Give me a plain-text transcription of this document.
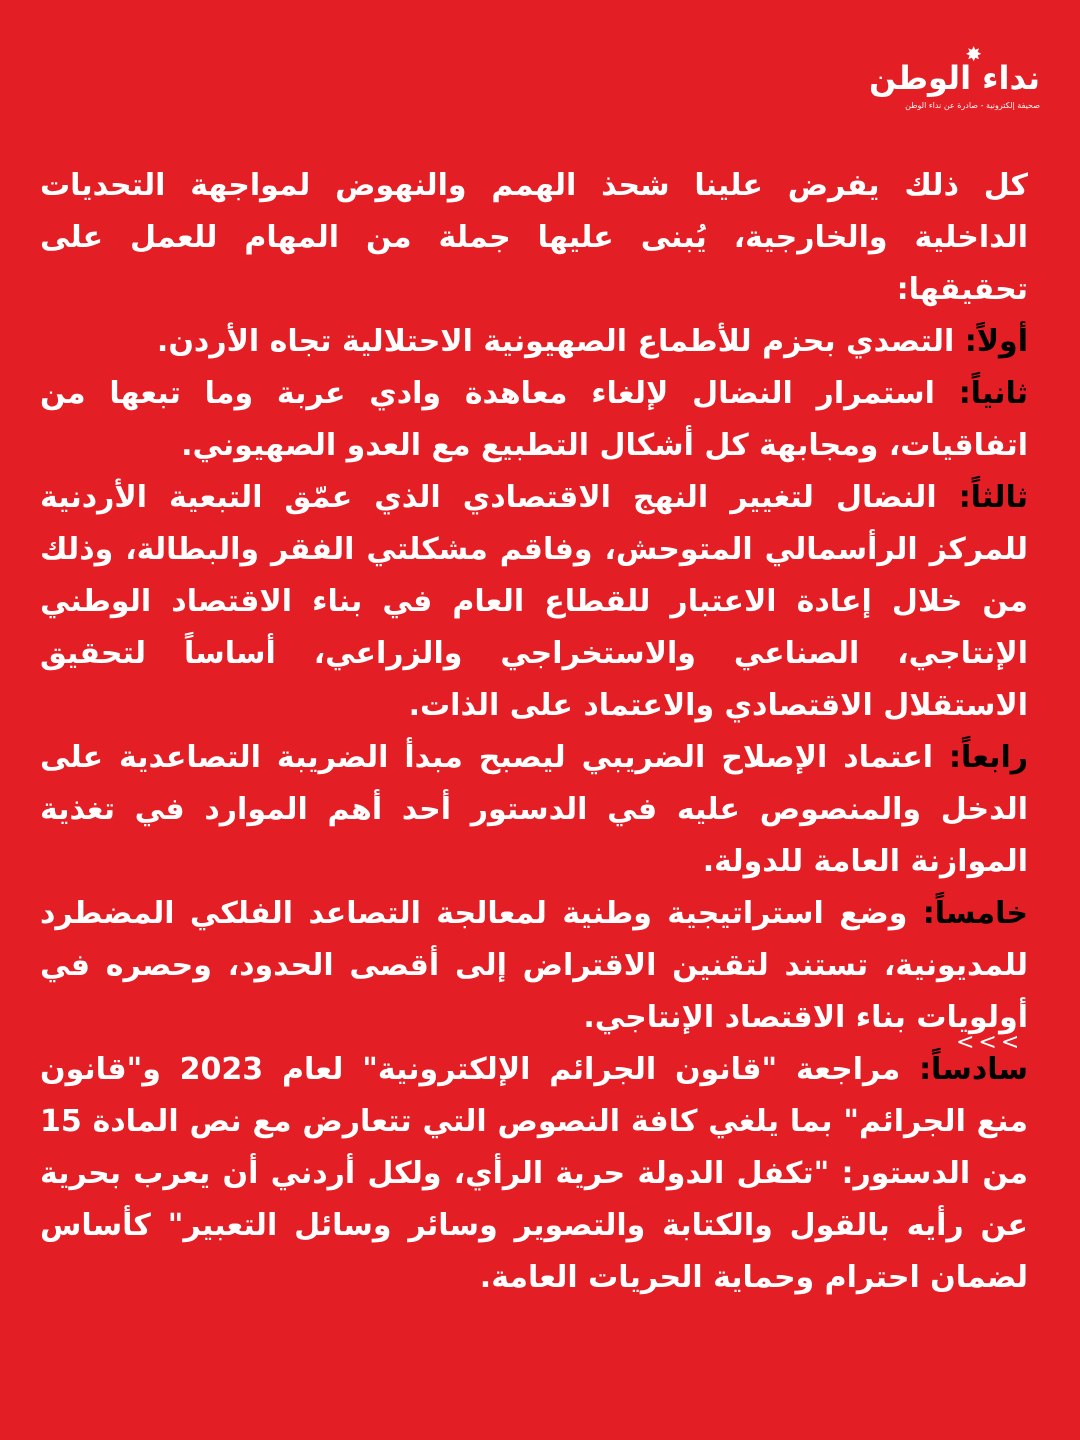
✸
نداء الوطن
صحيفة إلكترونية - صادرة عن نداء الوطن

كل ذلك يفرض علينا شحذ الهمم والنهوض لمواجهة التحديات الداخلية والخارجية، يُبنى عليها جملة من المهام للعمل على تحقيقها:

أولاً: التصدي بحزم للأطماع الصهيونية الاحتلالية تجاه الأردن.

ثانياً: استمرار النضال لإلغاء معاهدة وادي عربة وما تبعها من اتفاقيات، ومجابهة كل أشكال التطبيع مع العدو الصهيوني.

ثالثاً: النضال لتغيير النهج الاقتصادي الذي عمّق التبعية الأردنية للمركز الرأسمالي المتوحش، وفاقم مشكلتي الفقر والبطالة، وذلك من خلال إعادة الاعتبار للقطاع العام في بناء الاقتصاد الوطني الإنتاجي، الصناعي والاستخراجي والزراعي، أساساً لتحقيق الاستقلال الاقتصادي والاعتماد على الذات.

رابعاً: اعتماد الإصلاح الضريبي ليصبح مبدأ الضريبة التصاعدية على الدخل والمنصوص عليه في الدستور أحد أهم الموارد في تغذية الموازنة العامة للدولة.

خامساً: وضع استراتيجية وطنية لمعالجة التصاعد الفلكي المضطرد للمديونية، تستند لتقنين الاقتراض إلى أقصى الحدود، وحصره في أولويات بناء الاقتصاد الإنتاجي.

سادساً: مراجعة "قانون الجرائم الإلكترونية" لعام 2023 و"قانون منع الجرائم" بما يلغي كافة النصوص التي تتعارض مع نص المادة 15 من الدستور: "تكفل الدولة حرية الرأي، ولكل أردني أن يعرب بحرية عن رأيه بالقول والكتابة والتصوير وسائر وسائل التعبير" كأساس لضمان احترام وحماية الحريات العامة.

<<<
